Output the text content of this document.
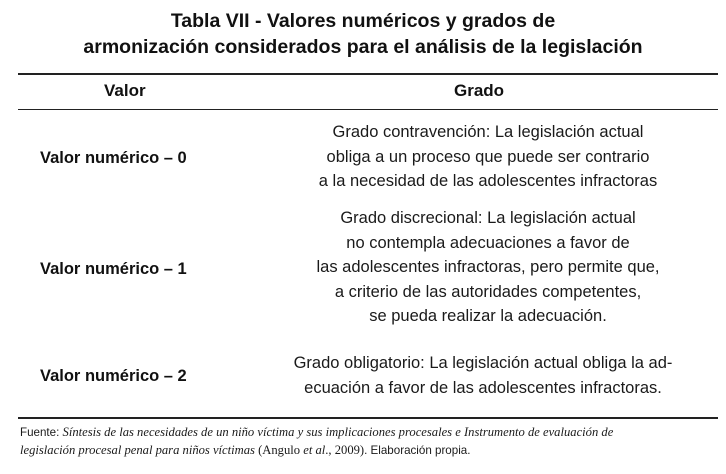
Tabla VII - Valores numéricos y grados de
armonización considerados para el análisis de la legislación
Valor	Grado
Valor numérico – 0
Grado contravención: La legislación actual
obliga a un proceso que puede ser contrario
a la necesidad de las adolescentes infractoras
Valor numérico – 1
Grado discrecional: La legislación actual
no contempla adecuaciones a favor de
las adolescentes infractoras, pero permite que,
a criterio de las autoridades competentes,
se pueda realizar la adecuación.
Valor numérico – 2
Grado obligatorio: La legislación actual obliga la ad-
ecuación a favor de las adolescentes infractoras.
Fuente: Síntesis de las necesidades de un niño víctima y sus implicaciones procesales e Instrumento de evaluación de
legislación procesal penal para niños víctimas (Angulo et al., 2009). Elaboración propia.
